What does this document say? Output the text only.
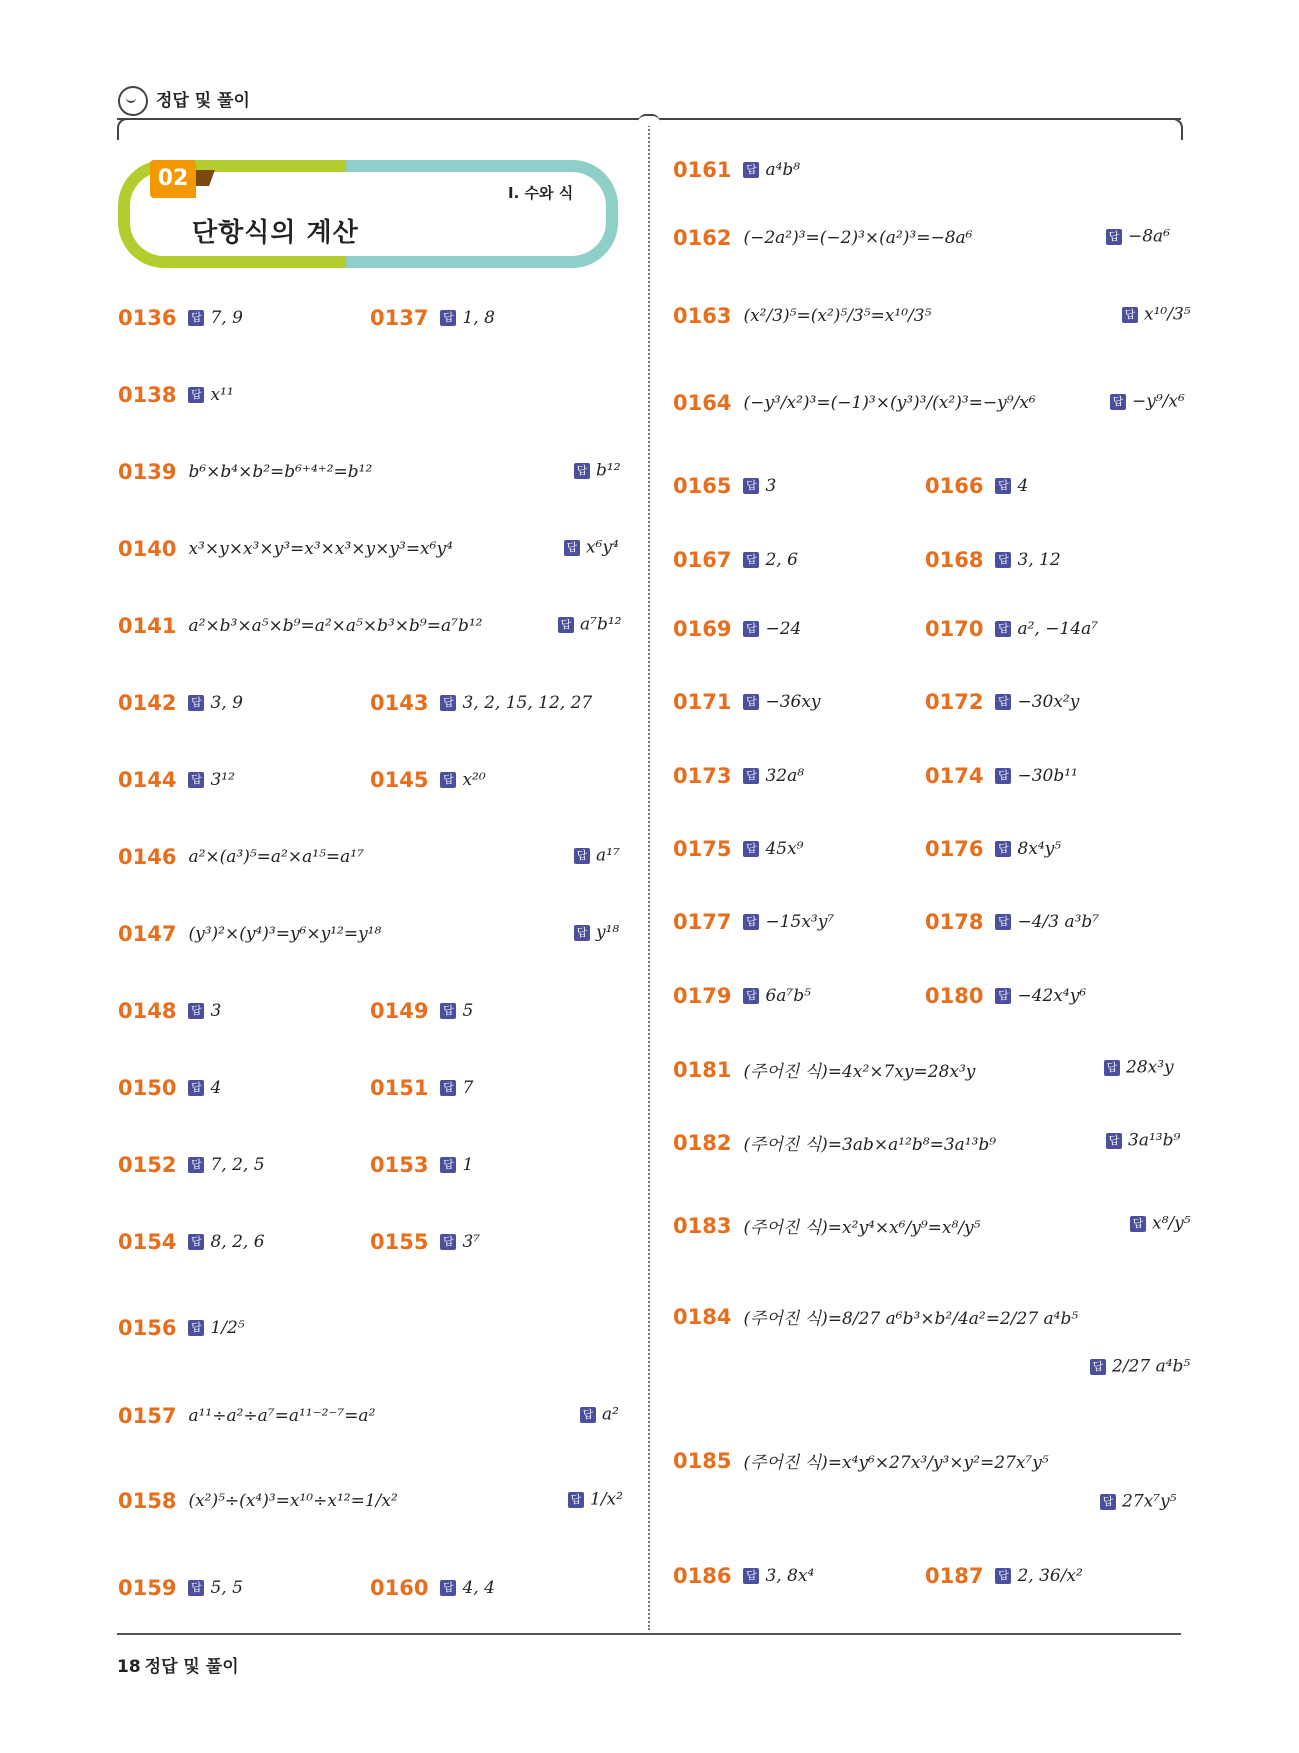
정답 및 풀이
02
Ⅰ. 수와 식
단항식의 계산
0136 답 7, 9	0137 답 1, 8
0138 답 x¹¹
0139 b⁶×b⁴×b²=b⁶⁺⁴⁺²=b¹²	답 b¹²
0140 x³×y×x³×y³=x³×x³×y×y³=x⁶y⁴	답 x⁶y⁴
0141 a²×b³×a⁵×b⁹=a²×a⁵×b³×b⁹=a⁷b¹²	답 a⁷b¹²
0142 답 3, 9	0143 답 3, 2, 15, 12, 27
0144 답 3¹²	0145 답 x²⁰
0146 a²×(a³)⁵=a²×a¹⁵=a¹⁷	답 a¹⁷
0147 (y³)²×(y⁴)³=y⁶×y¹²=y¹⁸	답 y¹⁸
0148 답 3	0149 답 5
0150 답 4	0151 답 7
0152 답 7, 2, 5	0153 답 1
0154 답 8, 2, 6	0155 답 3⁷
0156 답 1/2⁵
0157 a¹¹÷a²÷a⁷=a¹¹⁻²⁻⁷=a²	답 a²
0158 (x²)⁵÷(x⁴)³=x¹⁰÷x¹²=1/x²	답 1/x²
0159 답 5, 5	0160 답 4, 4
0161 답 a⁴b⁸
0162 (−2a²)³=(−2)³×(a²)³=−8a⁶	답 −8a⁶
0163 (x²/3)⁵=(x²)⁵/3⁵=x¹⁰/3⁵	답 x¹⁰/3⁵
0164 (−y³/x²)³=(−1)³×(y³)³/(x²)³=−y⁹/x⁶	답 −y⁹/x⁶
0165 답 3	0166 답 4
0167 답 2, 6	0168 답 3, 12
0169 답 −24	0170 답 a², −14a⁷
0171 답 −36xy	0172 답 −30x²y
0173 답 32a⁸	0174 답 −30b¹¹
0175 답 45x⁹	0176 답 8x⁴y⁵
0177 답 −15x³y⁷	0178 답 −4/3 a³b⁷
0179 답 6a⁷b⁵	0180 답 −42x⁴y⁶
0181 (주어진 식)=4x²×7xy=28x³y	답 28x³y
0182 (주어진 식)=3ab×a¹²b⁸=3a¹³b⁹	답 3a¹³b⁹
0183 (주어진 식)=x²y⁴×x⁶/y⁹=x⁸/y⁵	답 x⁸/y⁵
0184 (주어진 식)=8/27 a⁶b³×b²/4a²=2/27 a⁴b⁵
답 2/27 a⁴b⁵
0185 (주어진 식)=x⁴y⁶×27x³/y³×y²=27x⁷y⁵
답 27x⁷y⁵
0186 답 3, 8x⁴	0187 답 2, 36/x²
18 정답 및 풀이
